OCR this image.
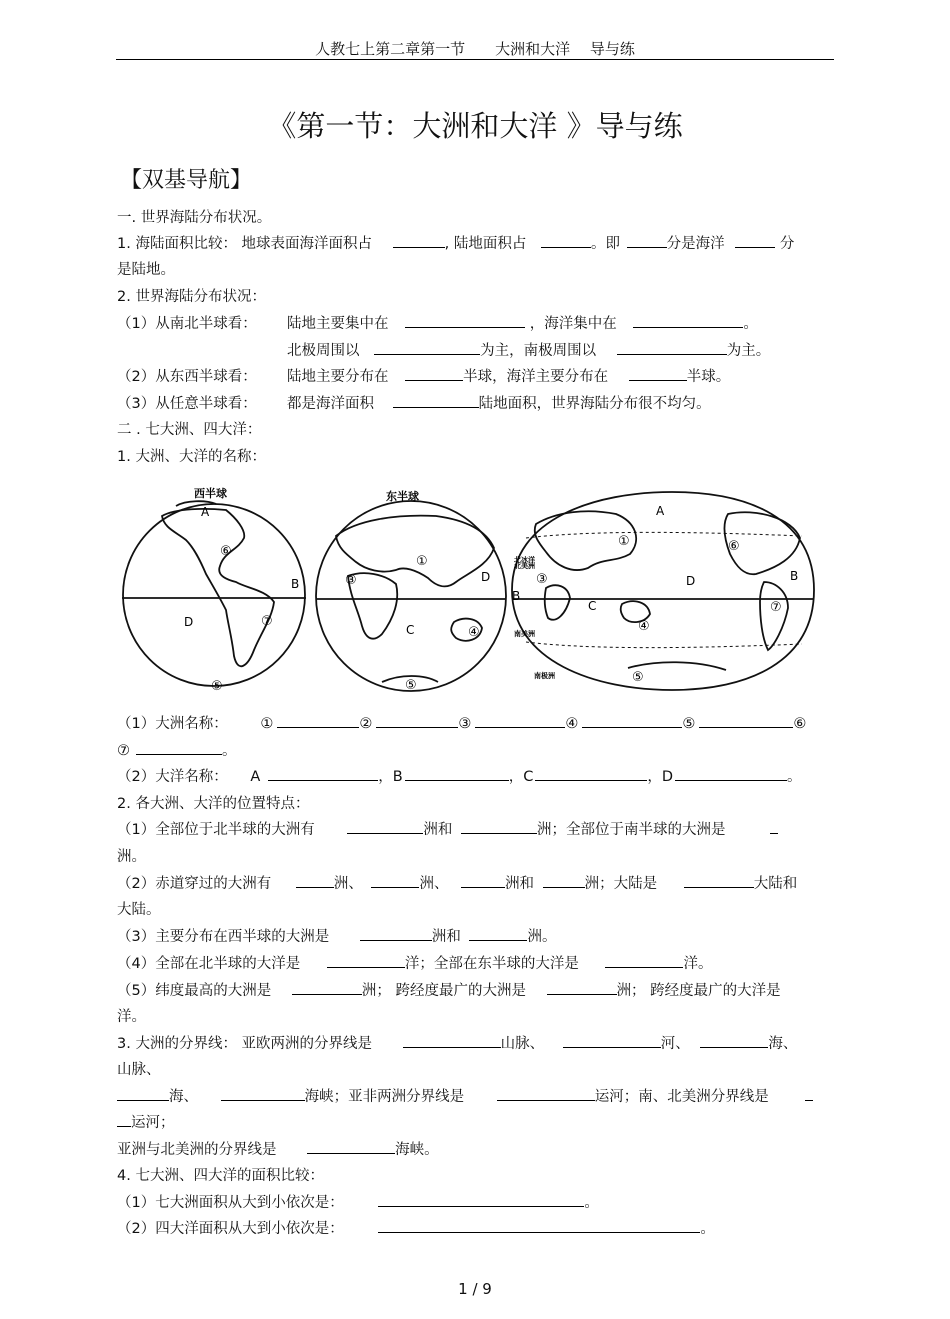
人教七上第二章第一节　　大洲和大洋　 导与练
《第一节：大洲和大洋 》导与练
【双基导航】
一. 世界海陆分布状况。
1. 海陆面积比较： 地球表面海洋面积占	, 陆地面积占	。即	分是海洋	分
是陆地。
2. 世界海陆分布状况：
（1）从南北半球看： 陆地主要集中在	，海洋集中在	。
北极周围以	为主，南极周围以	为主。
（2）从东西半球看： 陆地主要分布在	半球，海洋主要分布在	半球。
（3）从任意半球看： 都是海洋面积	陆地面积，世界海陆分布很不均匀。
二 . 七大洲、四大洋：
1. 大洲、大洋的名称：
西半球
A
⑥
B
⑦
D
⑤
东半球
①
③	D
C	④
⑤
A
①	⑥
③	D	B
B
C	⑦
④
⑤
北冰洋
北美洲
南美洲
南极洲
（1）大洲名称： ①	②	③	④	⑤	⑥
⑦	。
（2）大洋名称： A	，B	，C	，D	。
2. 各大洲、大洋的位置特点：
（1）全部位于北半球的大洲有	洲和	洲；全部位于南半球的大洲是
洲。
（2）赤道穿过的大洲有	洲、	洲、	洲和	洲；大陆是	大陆和
大陆。
（3）主要分布在西半球的大洲是	洲和	洲。
（4）全部在北半球的大洋是	洋；全部在东半球的大洋是	洋。
（5）纬度最高的大洲是	洲； 跨经度最广的大洲是	洲； 跨经度最广的大洋是
洋。
3. 大洲的分界线： 亚欧两洲的分界线是	山脉、	河、	海、
山脉、
海、	海峡；亚非两洲分界线是	运河；南、北美洲分界线是
运河；
亚洲与北美洲的分界线是	海峡。
4. 七大洲、四大洋的面积比较：
（1）七大洲面积从大到小依次是：	。
（2）四大洋面积从大到小依次是：	。
1 / 9
